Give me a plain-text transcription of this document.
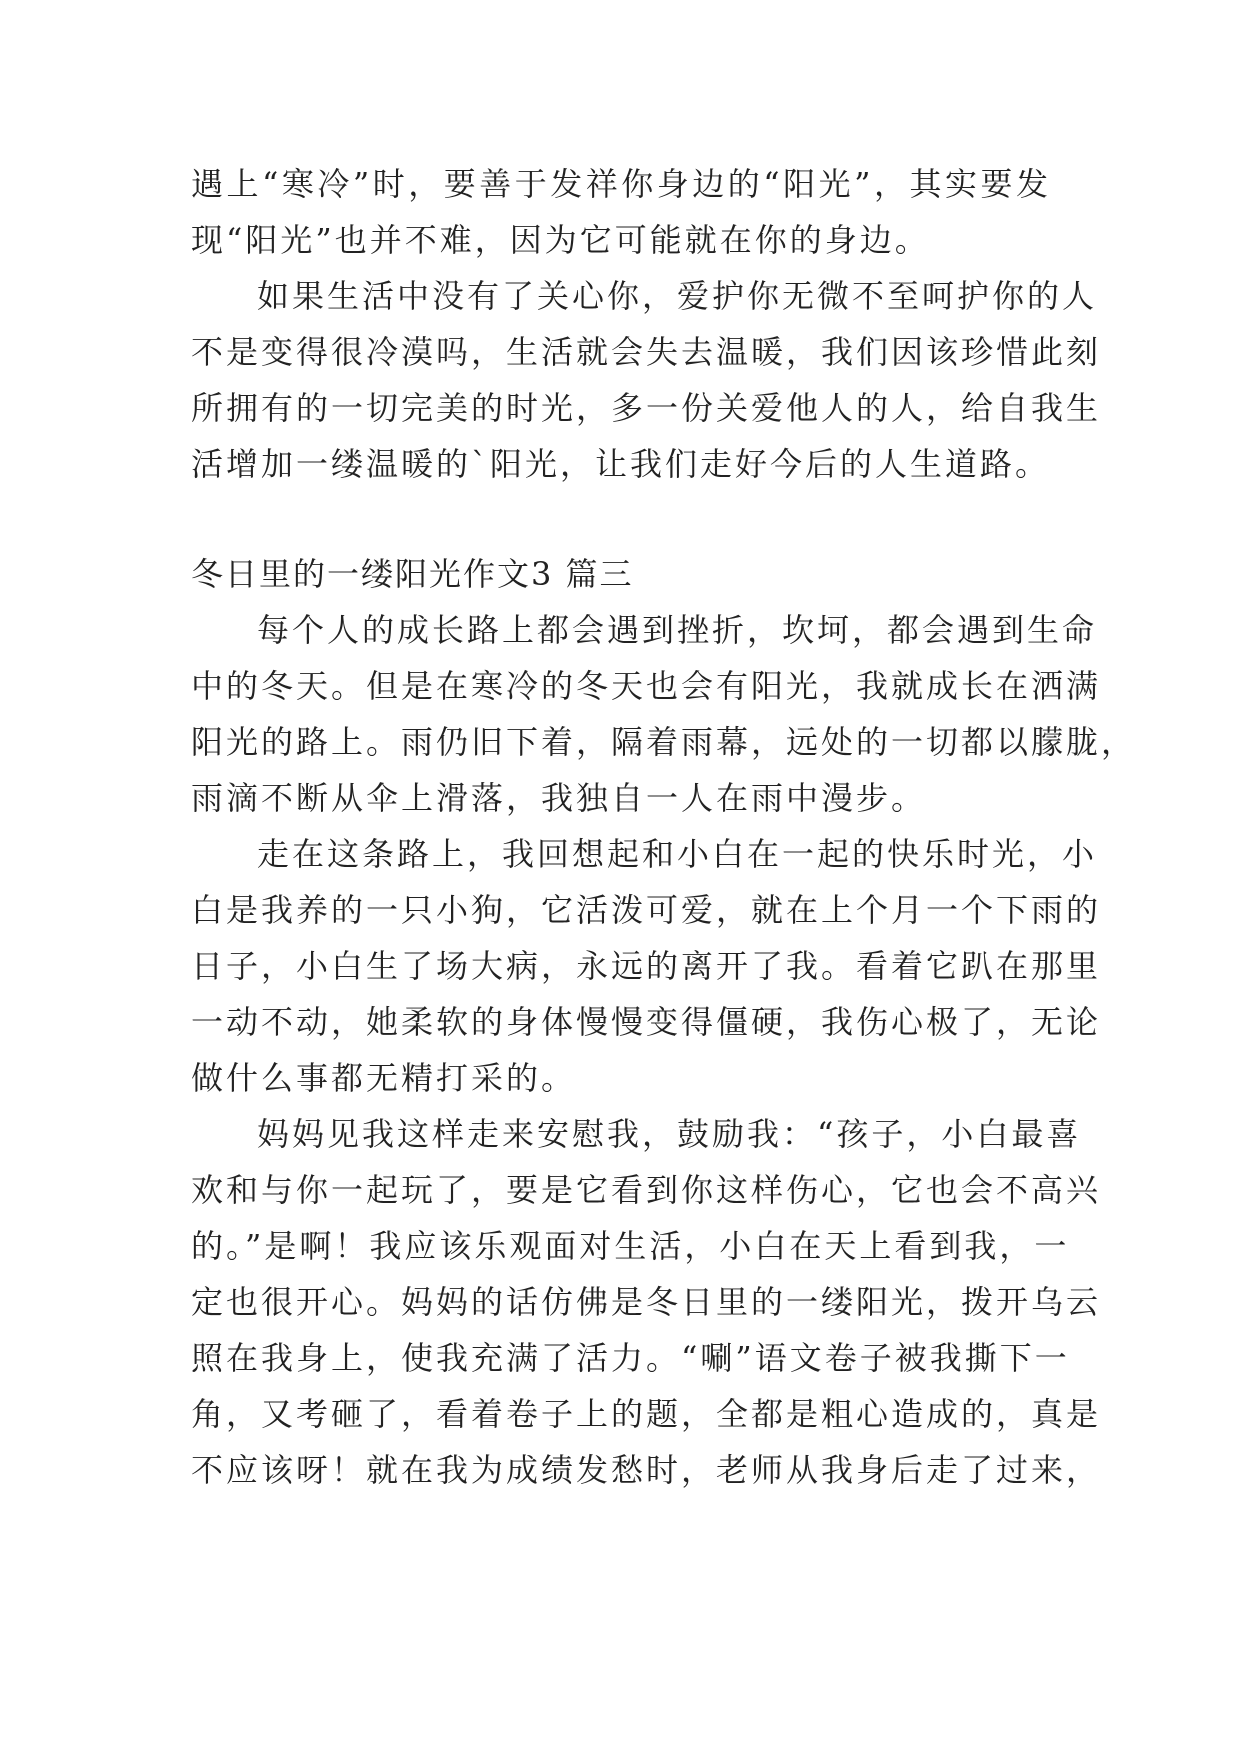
遇上“寒冷”时，要善于发祥你身边的“阳光”，其实要发
现“阳光”也并不难，因为它可能就在你的身边。
如果生活中没有了关心你，爱护你无微不至呵护你的人
不是变得很冷漠吗，生活就会失去温暖，我们因该珍惜此刻
所拥有的一切完美的时光，多一份关爱他人的人，给自我生
活增加一缕温暖的`阳光，让我们走好今后的人生道路。
冬日里的一缕阳光作文3 篇三
每个人的成长路上都会遇到挫折，坎坷，都会遇到生命
中的冬天。但是在寒冷的冬天也会有阳光，我就成长在洒满
阳光的路上。雨仍旧下着，隔着雨幕，远处的一切都以朦胧，
雨滴不断从伞上滑落，我独自一人在雨中漫步。
走在这条路上，我回想起和小白在一起的快乐时光，小
白是我养的一只小狗，它活泼可爱，就在上个月一个下雨的
日子，小白生了场大病，永远的离开了我。看着它趴在那里
一动不动，她柔软的身体慢慢变得僵硬，我伤心极了，无论
做什么事都无精打采的。
妈妈见我这样走来安慰我，鼓励我：“孩子，小白最喜
欢和与你一起玩了，要是它看到你这样伤心，它也会不高兴
的。”是啊！我应该乐观面对生活，小白在天上看到我，一
定也很开心。妈妈的话仿佛是冬日里的一缕阳光，拨开乌云
照在我身上，使我充满了活力。“唰”语文卷子被我撕下一
角，又考砸了，看着卷子上的题，全都是粗心造成的，真是
不应该呀！就在我为成绩发愁时，老师从我身后走了过来，
